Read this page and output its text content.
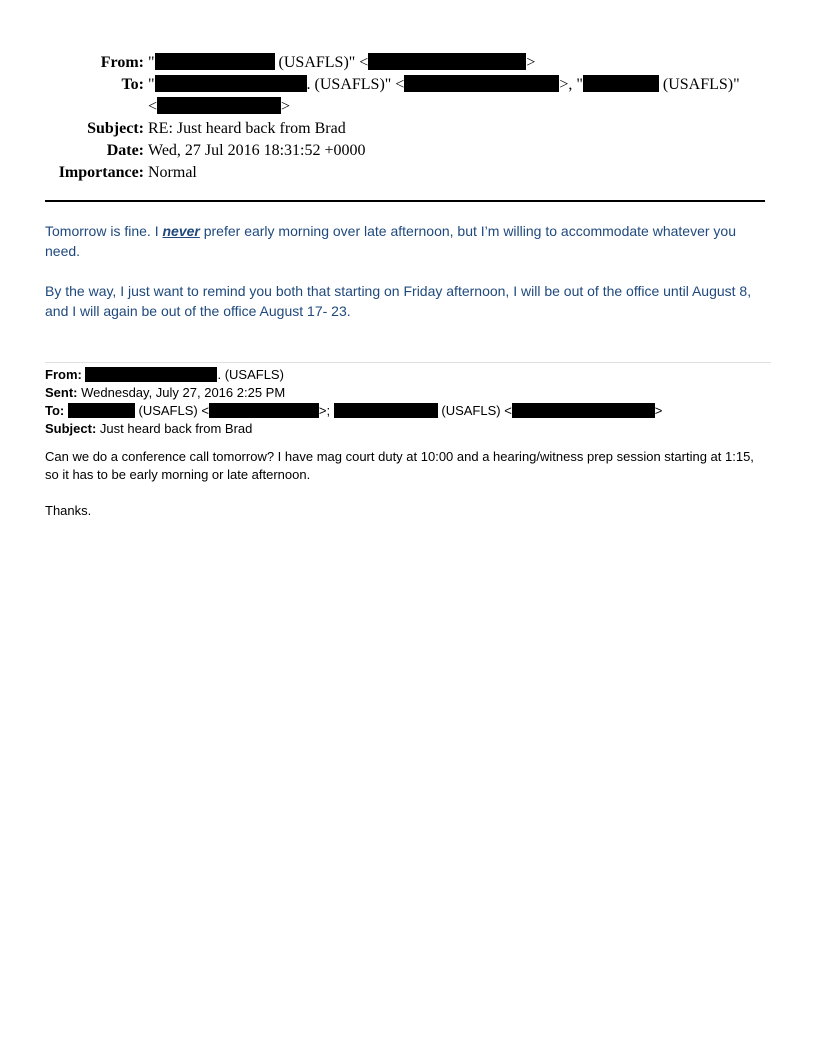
From: "	(USAFLS)" <	>
To: "	. (USAFLS)" <	>, "	(USAFLS)"
<	>
Subject: RE: Just heard back from Brad
Date: Wed, 27 Jul 2016 18:31:52 +0000
Importance: Normal

Tomorrow is fine. I never prefer early morning over late afternoon, but I’m willing to accommodate whatever you need.

By the way, I just want to remind you both that starting on Friday afternoon, I will be out of the office until August 8, and I will again be out of the office August 17- 23.

From:	. (USAFLS)
Sent: Wednesday, July 27, 2016 2:25 PM
To:	(USAFLS) <	>;	(USAFLS) <	>
Subject: Just heard back from Brad

Can we do a conference call tomorrow? I have mag court duty at 10:00 and a hearing/witness prep session starting at 1:15, so it has to be early morning or late afternoon.

Thanks.
